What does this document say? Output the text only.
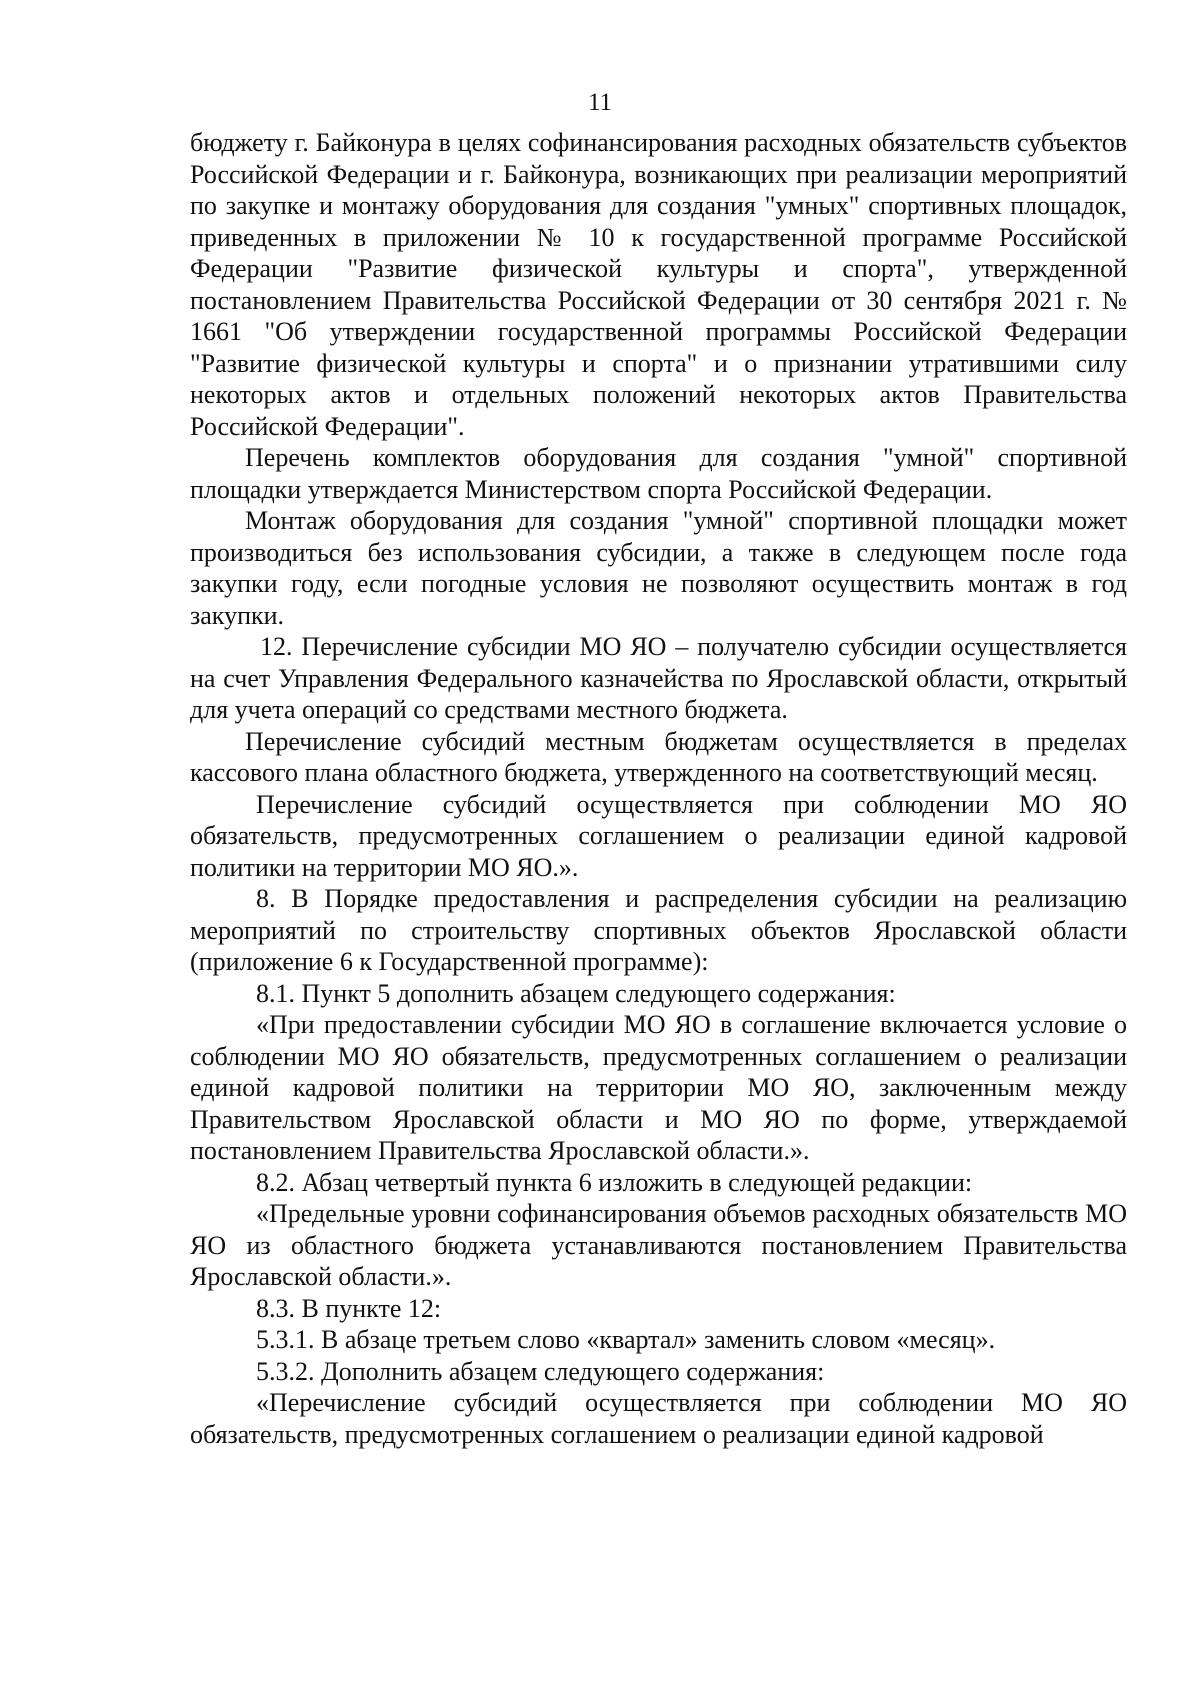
11

бюджету г. Байконура в целях софинансирования расходных обязательств субъектов Российской Федерации и г. Байконура, возникающих при реализации мероприятий по закупке и монтажу оборудования для создания "умных" спортивных площадок, приведенных в приложении № 10 к государственной программе Российской Федерации "Развитие физической культуры и спорта", утвержденной постановлением Правительства Российской Федерации от 30 сентября 2021 г. № 1661 "Об утверждении государственной программы Российской Федерации "Развитие физической культуры и спорта" и о признании утратившими силу некоторых актов и отдельных положений некоторых актов Правительства Российской Федерации".

Перечень комплектов оборудования для создания "умной" спортивной площадки утверждается Министерством спорта Российской Федерации.

Монтаж оборудования для создания "умной" спортивной площадки может производиться без использования субсидии, а также в следующем после года закупки году, если погодные условия не позволяют осуществить монтаж в год закупки.

12. Перечисление субсидии МО ЯО – получателю субсидии осуществляется на счет Управления Федерального казначейства по Ярославской области, открытый для учета операций со средствами местного бюджета.

Перечисление субсидий местным бюджетам осуществляется в пределах кассового плана областного бюджета, утвержденного на соответствующий месяц.

Перечисление субсидий осуществляется при соблюдении МО ЯО обязательств, предусмотренных соглашением о реализации единой кадровой политики на территории МО ЯО.».

8. В Порядке предоставления и распределения субсидии на реализацию мероприятий по строительству спортивных объектов Ярославской области (приложение 6 к Государственной программе):

8.1. Пункт 5 дополнить абзацем следующего содержания:

«При предоставлении субсидии МО ЯО в соглашение включается условие о соблюдении МО ЯО обязательств, предусмотренных соглашением о реализации единой кадровой политики на территории МО ЯО, заключенным между Правительством Ярославской области и МО ЯО по форме, утверждаемой постановлением Правительства Ярославской области.».

8.2. Абзац четвертый пункта 6 изложить в следующей редакции:

«Предельные уровни софинансирования объемов расходных обязательств МО ЯО из областного бюджета устанавливаются постановлением Правительства Ярославской области.».

8.3. В пункте 12:

5.3.1. В абзаце третьем слово «квартал» заменить словом «месяц».

5.3.2. Дополнить абзацем следующего содержания:

«Перечисление субсидий осуществляется при соблюдении МО ЯО обязательств, предусмотренных соглашением о реализации единой кадровой
